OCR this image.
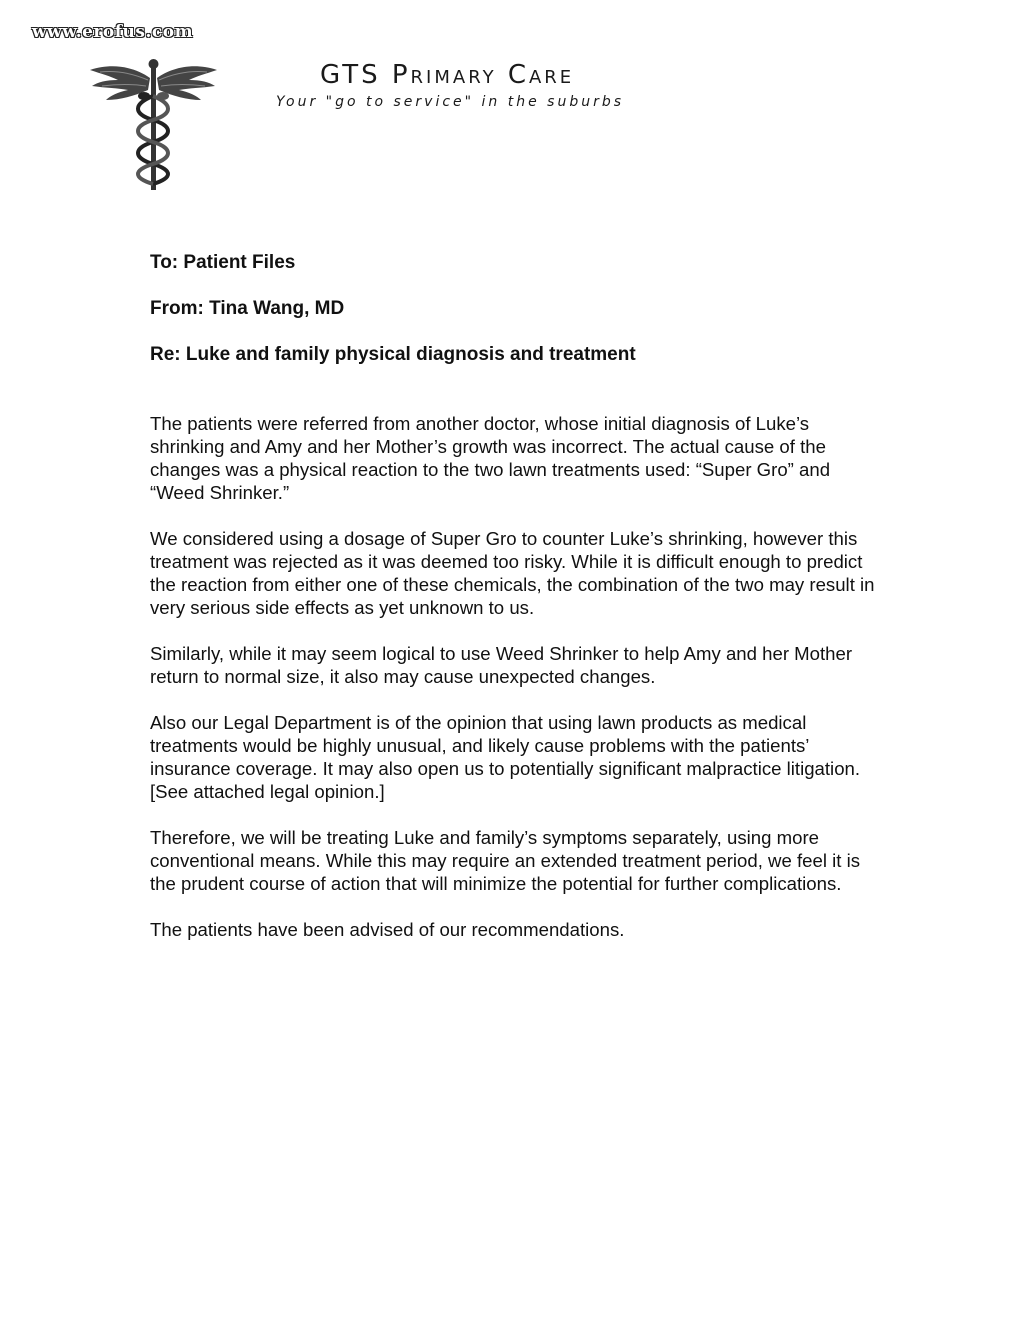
www.erofus.com
GTS Primary Care
Your "go to service" in the suburbs
To: Patient Files
From: Tina Wang, MD
Re: Luke and family physical diagnosis and treatment

The patients were referred from another doctor, whose initial diagnosis of Luke’s shrinking and Amy and her Mother’s growth was incorrect. The actual cause of the changes was a physical reaction to the two lawn treatments used: “Super Gro” and “Weed Shrinker.”

We considered using a dosage of Super Gro to counter Luke’s shrinking, however this treatment was rejected as it was deemed too risky. While it is difficult enough to predict the reaction from either one of these chemicals, the combination of the two may result in very serious side effects as yet unknown to us.

Similarly, while it may seem logical to use Weed Shrinker to help Amy and her Mother return to normal size, it also may cause unexpected changes.

Also our Legal Department is of the opinion that using lawn products as medical treatments would be highly unusual, and likely cause problems with the patients’ insurance coverage. It may also open us to potentially significant malpractice litigation. [See attached legal opinion.]

Therefore, we will be treating Luke and family’s symptoms separately, using more conventional means. While this may require an extended treatment period, we feel it is the prudent course of action that will minimize the potential for further complications.

The patients have been advised of our recommendations.
